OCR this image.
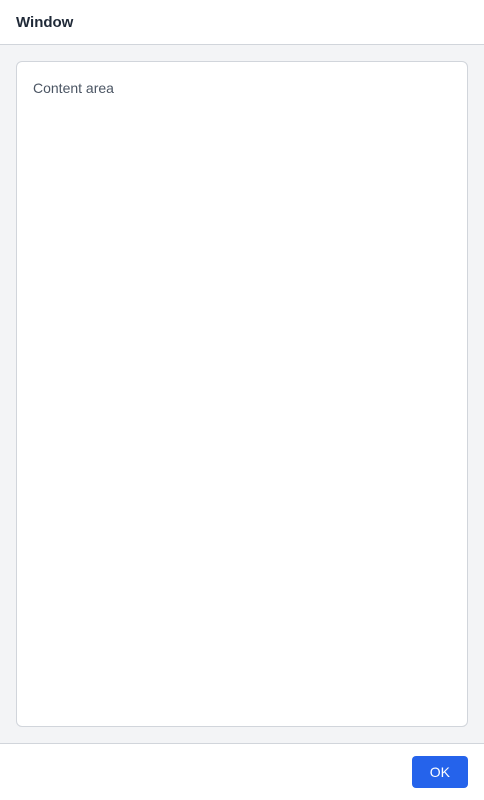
Window
Content area
OK
